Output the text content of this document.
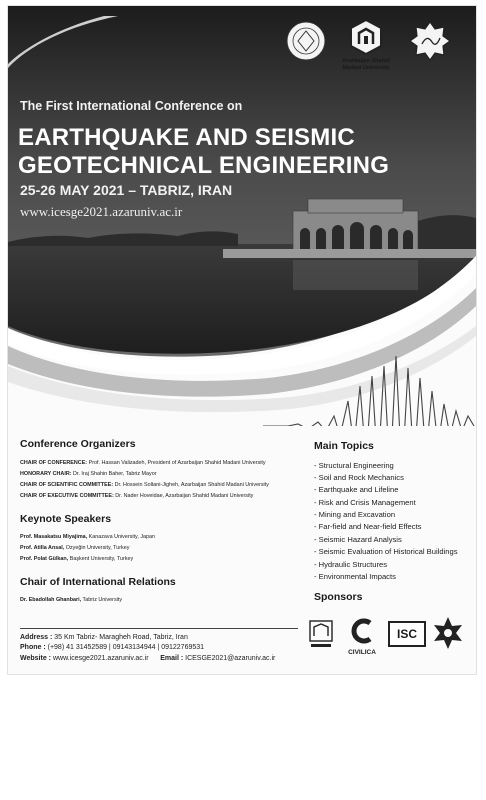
Azarbaijan Shahid Madani University
The First International Conference on
EARTHQUAKE AND SEISMIC
GEOTECHNICAL ENGINEERING
25-26 MAY 2021 – TABRIZ, IRAN
www.icesge2021.azaruniv.ac.ir
Conference Organizers
CHAIR OF CONFERENCE: Prof. Hassan Valizadeh, President of Azarbaijan Shahid Madani University
HONORARY CHAIR: Dr. Iraj Shahin Baher, Tabriz Mayor
CHAIR OF SCIENTIFIC COMMITTEE: Dr. Hossein Soltani-Jigheh, Azarbaijan Shahid Madani University
CHAIR OF EXECUTIVE COMMITTEE: Dr. Nader Hoveidae, Azarbaijan Shahid Madani University
Keynote Speakers
Prof. Masakatsu Miyajima, Kanazava University, Japan
Prof. Atilla Ansal, Ozyeğin University, Turkey
Prof. Polat Gülkan, Başkent University, Turkey
Chair of International Relations
Dr. Ebadollah Ghanbari, Tabriz University
Main Topics
- Structural Engineering
- Soil and Rock Mechanics
- Earthquake and Lifeline
- Risk and Crisis Management
- Mining and Excavation
- Far-field and Near-field Effects
- Seismic Hazard Analysis
- Seismic Evaluation of Historical Buildings
- Hydraulic Structures
- Environmental Impacts
Sponsors
CIVILICA
ISC
Address : 35 Km Tabriz- Maragheh Road, Tabriz, Iran
Phone : (+98) 41 31452589 | 09143134944 | 09122769531
Website : www.icesge2021.azaruniv.ac.ir Email : ICESGE2021@azaruniv.ac.ir
